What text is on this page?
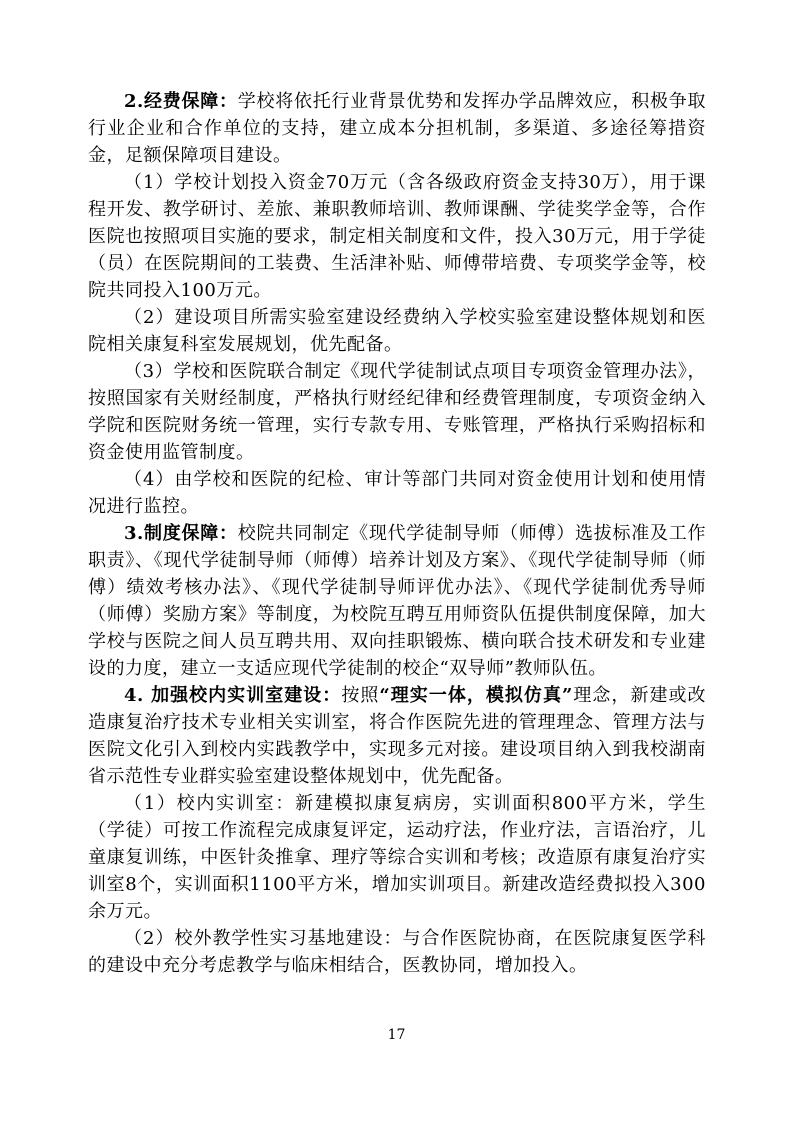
2.经费保障：学校将依托行业背景优势和发挥办学品牌效应，积极争取行业企业和合作单位的支持，建立成本分担机制，多渠道、多途径筹措资金，足额保障项目建设。

（1）学校计划投入资金70万元（含各级政府资金支持30万），用于课程开发、教学研讨、差旅、兼职教师培训、教师课酬、学徒奖学金等，合作医院也按照项目实施的要求，制定相关制度和文件，投入30万元，用于学徒（员）在医院期间的工装费、生活津补贴、师傅带培费、专项奖学金等，校院共同投入100万元。

（2）建设项目所需实验室建设经费纳入学校实验室建设整体规划和医院相关康复科室发展规划，优先配备。

（3）学校和医院联合制定《现代学徒制试点项目专项资金管理办法》，按照国家有关财经制度，严格执行财经纪律和经费管理制度，专项资金纳入学院和医院财务统一管理，实行专款专用、专账管理，严格执行采购招标和资金使用监管制度。

（4）由学校和医院的纪检、审计等部门共同对资金使用计划和使用情况进行监控。

3.制度保障：校院共同制定《现代学徒制导师（师傅）选拔标准及工作职责》、《现代学徒制导师（师傅）培养计划及方案》、《现代学徒制导师（师傅）绩效考核办法》、《现代学徒制导师评优办法》、《现代学徒制优秀导师（师傅）奖励方案》等制度，为校院互聘互用师资队伍提供制度保障，加大学校与医院之间人员互聘共用、双向挂职锻炼、横向联合技术研发和专业建设的力度，建立一支适应现代学徒制的校企“双导师”教师队伍。

4. 加强校内实训室建设：按照“理实一体，模拟仿真”理念，新建或改造康复治疗技术专业相关实训室，将合作医院先进的管理理念、管理方法与医院文化引入到校内实践教学中，实现多元对接。建设项目纳入到我校湖南省示范性专业群实验室建设整体规划中，优先配备。

（1）校内实训室：新建模拟康复病房，实训面积800平方米，学生（学徒）可按工作流程完成康复评定，运动疗法，作业疗法，言语治疗，儿童康复训练，中医针灸推拿、理疗等综合实训和考核；改造原有康复治疗实训室8个，实训面积1100平方米，增加实训项目。新建改造经费拟投入300余万元。

（2）校外教学性实习基地建设：与合作医院协商，在医院康复医学科的建设中充分考虑教学与临床相结合，医教协同，增加投入。

17
